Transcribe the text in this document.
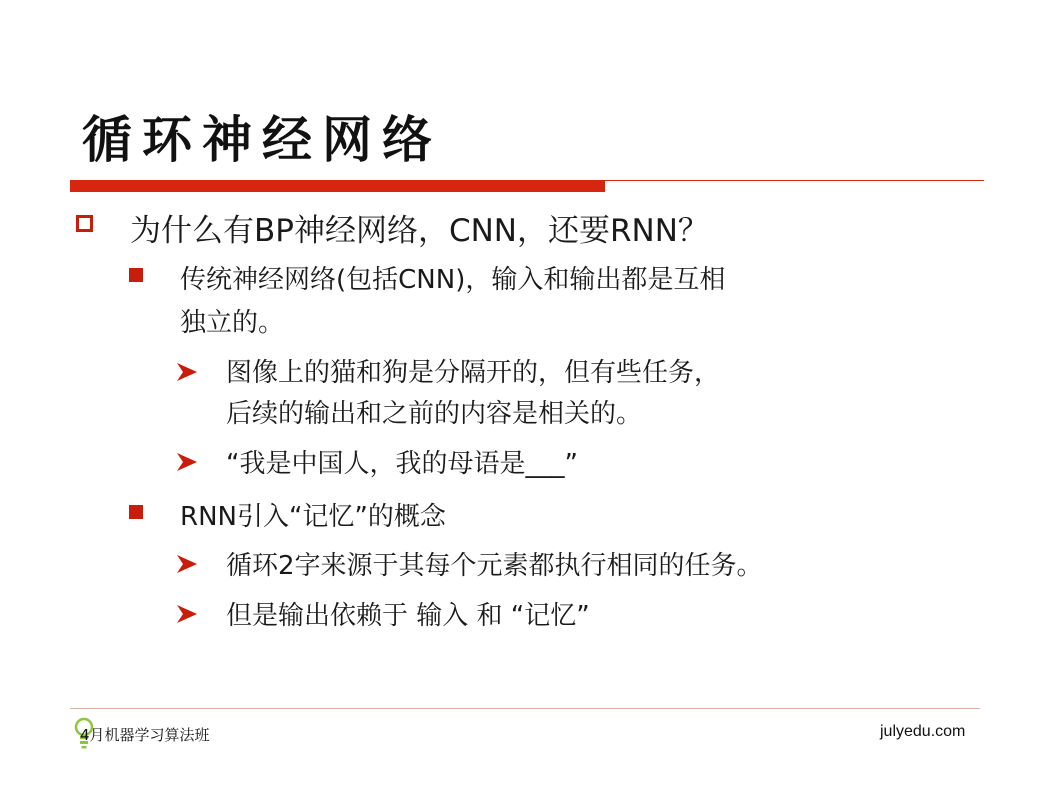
循环神经网络
为什么有BP神经网络，CNN，还要RNN？
传统神经网络(包括CNN)，输入和输出都是互相
独立的。
图像上的猫和狗是分隔开的，但有些任务，
后续的输出和之前的内容是相关的。
“我是中国人，我的母语是___”
RNN引入“记忆”的概念
循环2字来源于其每个元素都执行相同的任务。
但是输出依赖于 输入 和 “记忆”
4月机器学习算法班	julyedu.com
